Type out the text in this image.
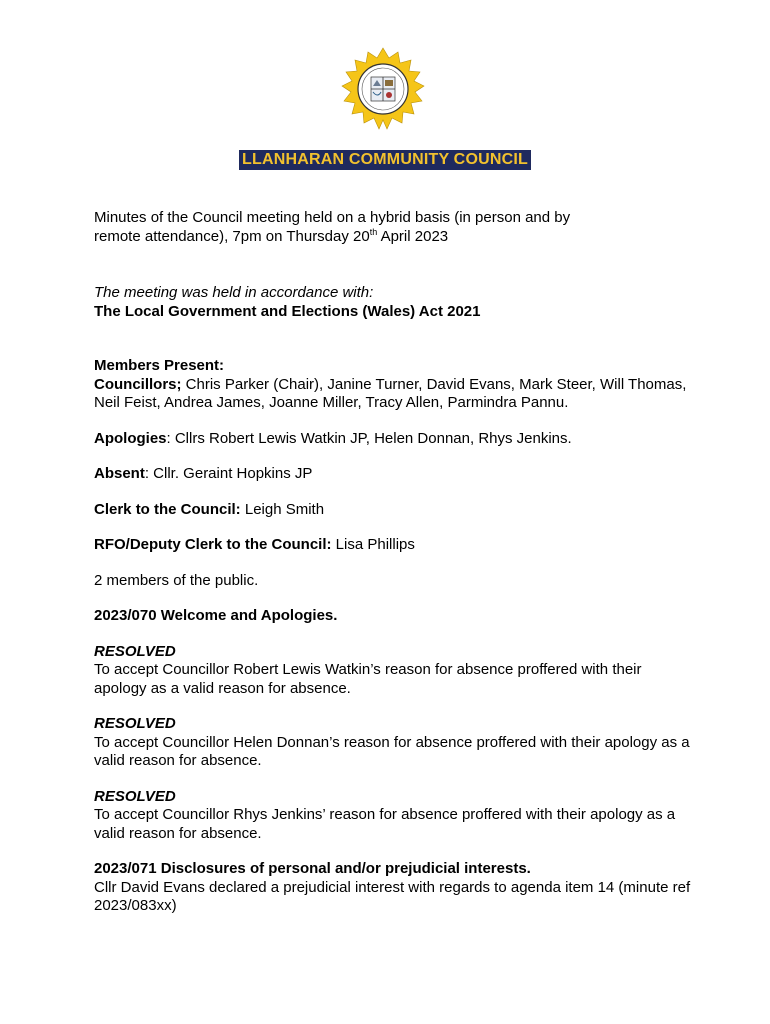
LLANHARAN COMMUNITY COUNCIL

Minutes of the Council meeting held on a hybrid basis (in person and by
remote attendance), 7pm on Thursday 20th April 2023

The meeting was held in accordance with:
The Local Government and Elections (Wales) Act 2021

Members Present:
Councillors; Chris Parker (Chair), Janine Turner, David Evans, Mark Steer, Will Thomas, Neil Feist, Andrea James, Joanne Miller, Tracy Allen, Parmindra Pannu.

Apologies: Cllrs Robert Lewis Watkin JP, Helen Donnan, Rhys Jenkins.

Absent: Cllr. Geraint Hopkins JP

Clerk to the Council: Leigh Smith

RFO/Deputy Clerk to the Council: Lisa Phillips

2 members of the public.

2023/070 Welcome and Apologies.

RESOLVED
To accept Councillor Robert Lewis Watkin’s reason for absence proffered with their apology as a valid reason for absence.

RESOLVED
To accept Councillor Helen Donnan’s reason for absence proffered with their apology as a valid reason for absence.

RESOLVED
To accept Councillor Rhys Jenkins’ reason for absence proffered with their apology as a valid reason for absence.

2023/071 Disclosures of personal and/or prejudicial interests.
Cllr David Evans declared a prejudicial interest with regards to agenda item 14 (minute ref 2023/083xx)
